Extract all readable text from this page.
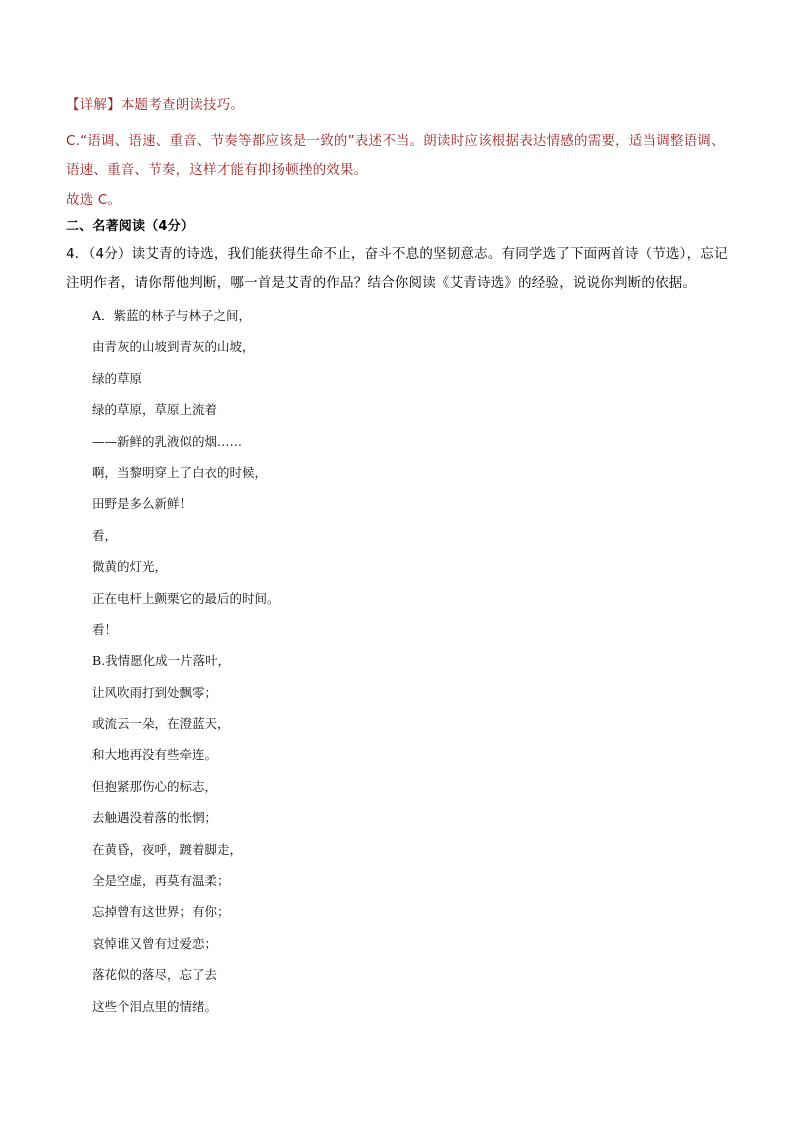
【详解】本题考查朗读技巧。
C.“语调、语速、重音、节奏等都应该是一致的”表述不当。朗读时应该根据表达情感的需要，适当调整语调、语速、重音、节奏，这样才能有抑扬顿挫的效果。
故选 C。
二、名著阅读（4分）
4．（4分）读艾青的诗选，我们能获得生命不止，奋斗不息的坚韧意志。有同学选了下面两首诗（节选），忘记注明作者，请你帮他判断，哪一首是艾青的作品？结合你阅读《艾青诗选》的经验，说说你判断的依据。
A．紫蓝的林子与林子之间，
由青灰的山坡到青灰的山坡，
绿的草原
绿的草原，草原上流着
——新鲜的乳液似的烟……
啊，当黎明穿上了白衣的时候，
田野是多么新鲜！
看，
微黄的灯光，
正在电杆上颤栗它的最后的时间。
看！
B.我情愿化成一片落叶，
让风吹雨打到处飘零；
或流云一朵，在澄蓝天，
和大地再没有些牵连。
但抱紧那伤心的标志，
去触遇没着落的怅惘；
在黄昏，夜呼，踱着脚走，
全是空虚，再莫有温柔；
忘掉曾有这世界；有你；
哀悼谁又曾有过爱恋；
落花似的落尽，忘了去
这些个泪点里的情绪。
